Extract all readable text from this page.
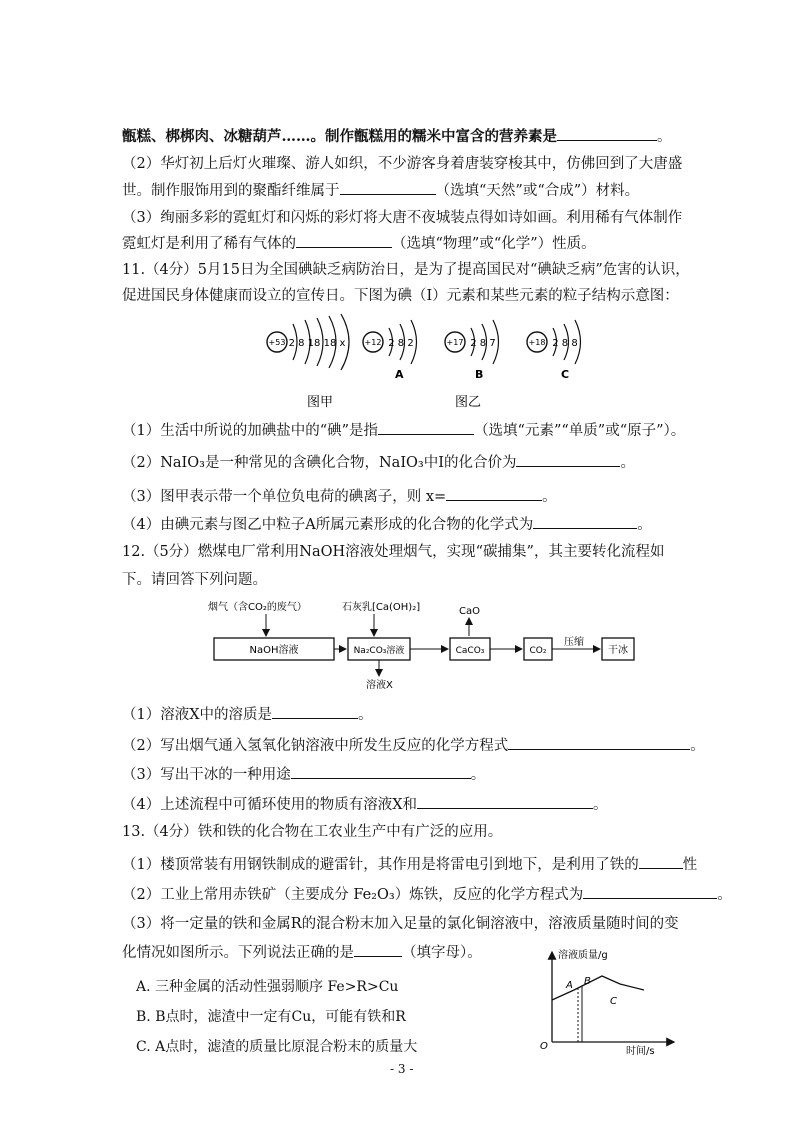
甑糕、梆梆肉、冰糖葫芦……。制作甑糕用的糯米中富含的营养素是	。
（2）华灯初上后灯火璀璨、游人如织，不少游客身着唐装穿梭其中，仿佛回到了大唐盛
世。制作服饰用到的聚酯纤维属于	（选填“天然”或“合成”）材料。
（3）绚丽多彩的霓虹灯和闪烁的彩灯将大唐不夜城装点得如诗如画。利用稀有气体制作
霓虹灯是利用了稀有气体的	（选填“物理”或“化学”）性质。
11.（4分）5月15日为全国碘缺乏病防治日，是为了提高国民对“碘缺乏病”危害的认识，
促进国民身体健康而设立的宣传日。下图为碘（I）元素和某些元素的粒子结构示意图：
+53 2 8 18 18 x +12 2 8 2
A
+17 2 8 7
B
+18 2 8 8
C
图甲	图乙
（1）生活中所说的加碘盐中的“碘”是指	（选填“元素”“单质”或“原子”）。
（2）NaIO₃是一种常见的含碘化合物，NaIO₃中I的化合价为	。
（3）图甲表示带一个单位负电荷的碘离子，则 x=	。
（4）由碘元素与图乙中粒子A所属元素形成的化合物的化学式为	。
12.（5分）燃煤电厂常利用NaOH溶液处理烟气，实现“碳捕集”，其主要转化流程如
下。请回答下列问题。
烟气（含CO₂的废气）	石灰乳[Ca(OH)₂]	CaO
NaOH溶液	Na₂CO₃溶液	CaCO₃	CO₂
压缩
干冰
溶液X
（1）溶液X中的溶质是	。
（2）写出烟气通入氢氧化钠溶液中所发生反应的化学方程式	。
（3）写出干冰的一种用途	。
（4）上述流程中可循环使用的物质有溶液X和	。
13.（4分）铁和铁的化合物在工农业生产中有广泛的应用。
（1）楼顶常装有用钢铁制成的避雷针，其作用是将雷电引到地下，是利用了铁的	性
（2）工业上常用赤铁矿（主要成分 Fe₂O₃）炼铁，反应的化学方程式为	。
（3）将一定量的铁和金属R的混合粉末加入足量的氯化铜溶液中，溶液质量随时间的变
化情况如图所示。下列说法正确的是	（填字母）。
A. 三种金属的活动性强弱顺序 Fe>R>Cu
B. B点时，滤渣中一定有Cu，可能有铁和R
C. A点时，滤渣的质量比原混合粉末的质量大
溶液质量/g
时间/s
O
A B
C
- 3 -
